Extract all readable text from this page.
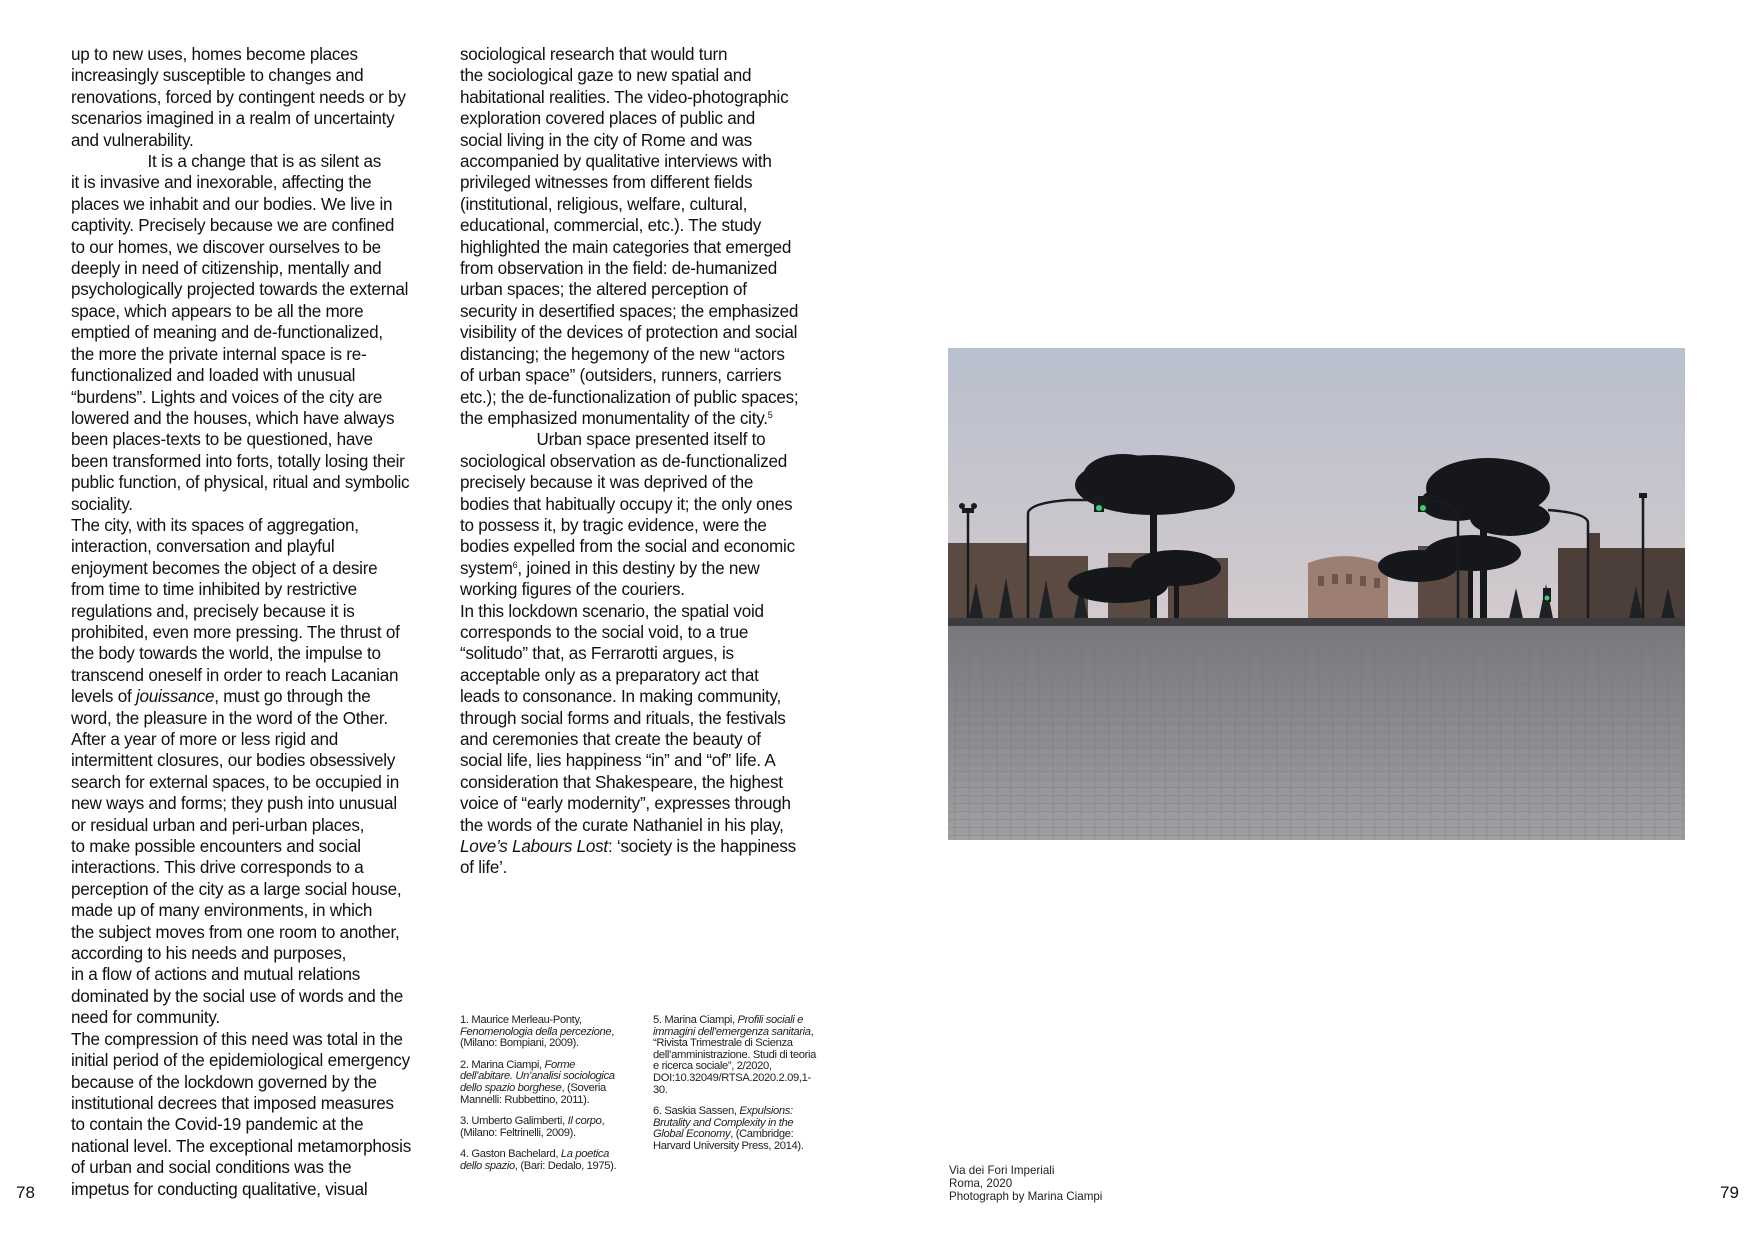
up to new uses, homes become places
increasingly susceptible to changes and
renovations, forced by contingent needs or by
scenarios imagined in a realm of uncertainty
and vulnerability.
It is a change that is as silent as
it is invasive and inexorable, affecting the
places we inhabit and our bodies. We live in
captivity. Precisely because we are confined
to our homes, we discover ourselves to be
deeply in need of citizenship, mentally and
psychologically projected towards the external
space, which appears to be all the more
emptied of meaning and de-functionalized,
the more the private internal space is re-
functionalized and loaded with unusual
“burdens”. Lights and voices of the city are
lowered and the houses, which have always
been places-texts to be questioned, have
been transformed into forts, totally losing their
public function, of physical, ritual and symbolic
sociality.
The city, with its spaces of aggregation,
interaction, conversation and playful
enjoyment becomes the object of a desire
from time to time inhibited by restrictive
regulations and, precisely because it is
prohibited, even more pressing. The thrust of
the body towards the world, the impulse to
transcend oneself in order to reach Lacanian
levels of jouissance, must go through the
word, the pleasure in the word of the Other.
After a year of more or less rigid and
intermittent closures, our bodies obsessively
search for external spaces, to be occupied in
new ways and forms; they push into unusual
or residual urban and peri-urban places,
to make possible encounters and social
interactions. This drive corresponds to a
perception of the city as a large social house,
made up of many environments, in which
the subject moves from one room to another,
according to his needs and purposes,
in a flow of actions and mutual relations
dominated by the social use of words and the
need for community.
The compression of this need was total in the
initial period of the epidemiological emergency
because of the lockdown governed by the
institutional decrees that imposed measures
to contain the Covid-19 pandemic at the
national level. The exceptional metamorphosis
of urban and social conditions was the
impetus for conducting qualitative, visual
sociological research that would turn
the sociological gaze to new spatial and
habitational realities. The video-photographic
exploration covered places of public and
social living in the city of Rome and was
accompanied by qualitative interviews with
privileged witnesses from different fields
(institutional, religious, welfare, cultural,
educational, commercial, etc.). The study
highlighted the main categories that emerged
from observation in the field: de-humanized
urban spaces; the altered perception of
security in desertified spaces; the emphasized
visibility of the devices of protection and social
distancing; the hegemony of the new “actors
of urban space” (outsiders, runners, carriers
etc.); the de-functionalization of public spaces;
the emphasized monumentality of the city.$^5$
Urban space presented itself to
sociological observation as de-functionalized
precisely because it was deprived of the
bodies that habitually occupy it; the only ones
to possess it, by tragic evidence, were the
bodies expelled from the social and economic
system$^6$, joined in this destiny by the new
working figures of the couriers.
In this lockdown scenario, the spatial void
corresponds to the social void, to a true
“solitudo” that, as Ferrarotti argues, is
acceptable only as a preparatory act that
leads to consonance. In making community,
through social forms and rituals, the festivals
and ceremonies that create the beauty of
social life, lies happiness “in” and “of” life. A
consideration that Shakespeare, the highest
voice of “early modernity”, expresses through
the words of the curate Nathaniel in his play,
Love’s Labours Lost: ‘society is the happiness
of life’.
1. Maurice Merleau-Ponty, Fenomenologia della percezione, (Milano: Bompiani, 2009).
2. Marina Ciampi, Forme dell’abitare. Un’analisi sociologica dello spazio borghese, (Soveria Mannelli: Rubbettino, 2011).
3. Umberto Galimberti, Il corpo, (Milano: Feltrinelli, 2009).
4. Gaston Bachelard, La poetica dello spazio, (Bari: Dedalo, 1975).
5. Marina Ciampi, Profili sociali e immagini dell’emergenza sanitaria, “Rivista Trimestrale di Scienza dell’amministrazione. Studi di teoria e ricerca sociale”, 2/2020, DOI:10.32049/RTSA.2020.2.09,1-30.
6. Saskia Sassen, Expulsions: Brutality and Complexity in the Global Economy, (Cambridge: Harvard University Press, 2014).
Via dei Fori Imperiali
Roma, 2020
Photograph by Marina Ciampi
78	79
